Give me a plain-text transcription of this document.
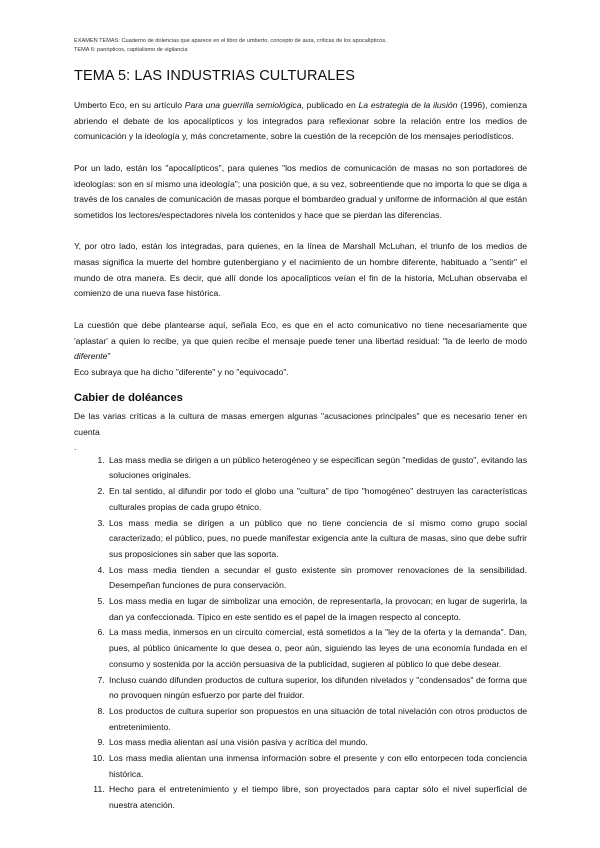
EXAMEN TEMAS: Cuaderno de dolencias que aparece en el libro de umberto, concepto de aura, críticas de los apocalípticos.
TEMA 6: panópticos, capitalismo de vigilancia
TEMA 5: LAS INDUSTRIAS CULTURALES

Umberto Eco, en su artículo Para una guerrilla semiológica, publicado en La estrategia de la ilusión (1996), comienza abriendo el debate de los apocalípticos y los integrados para reflexionar sobre la relación entre los medios de comunicación y la ideología y, más concretamente, sobre la cuestión de la recepción de los mensajes periodísticos.

Por un lado, están los "apocalípticos", para quienes "los medios de comunicación de masas no son portadores de ideologías: son en sí mismo una ideología"; una posición que, a su vez, sobreentiende que no importa lo que se diga a través de los canales de comunicación de masas porque el bombardeo gradual y uniforme de información al que están sometidos los lectores/espectadores nivela los contenidos y hace que se pierdan las diferencias.

Y, por otro lado, están los integradas, para quienes, en la línea de Marshall McLuhan, el triunfo de los medios de masas significa la muerte del hombre gutenbergiano y el nacimiento de un hombre diferente, habituado a "sentir" el mundo de otra manera. Es decir, que allí donde los apocalípticos veían el fin de la historia, McLuhan observaba el comienzo de una nueva fase histórica.

La cuestión que debe plantearse aquí, señala Eco, es que en el acto comunicativo no tiene necesariamente que 'aplastar' a quien lo recibe, ya que quien recibe el mensaje puede tener una libertad residual: "la de leerlo de modo diferente"

Eco subraya que ha dicho "diferente" y no "equivocado".

Cabier de doléances

De las varias críticas a la cultura de masas emergen algunas "acusaciones principales" que es necesario tener en cuenta

.
1. Las mass media se dirigen a un público heterogéneo y se especifican según "medidas de gusto", evitando las soluciones originales.
2. En tal sentido, al difundir por todo el globo una "cultura" de tipo "homogéneo" destruyen las características culturales propias de cada grupo étnico.
3. Los mass media se dirigen a un público que no tiene conciencia de sí mismo como grupo social caracterizado; el público, pues, no puede manifestar exigencia ante la cultura de masas, sino que debe sufrir sus proposiciones sin saber que las soporta.
4. Los mass media tienden a secundar el gusto existente sin promover renovaciones de la sensibilidad. Desempeñan funciones de pura conservación.
5. Los mass media en lugar de simbolizar una emoción, de representarla, la provocan; en lugar de sugerirla, la dan ya confeccionada. Típico en este sentido es el papel de la imagen respecto al concepto.
6. La mass media, inmersos en un circuito comercial, está sometidos a la "ley de la oferta y la demanda". Dan, pues, al público únicamente lo que desea o, peor aún, siguiendo las leyes de una economía fundada en el consumo y sostenida por la acción persuasiva de la publicidad, sugieren al público lo que debe desear.
7. Incluso cuando difunden productos de cultura superior, los difunden nivelados y "condensados" de forma que no provoquen ningún esfuerzo por parte del fruidor.
8. Los productos de cultura superior son propuestos en una situación de total nivelación con otros productos de entretenimiento.
9. Los mass media alientan así una visión pasiva y acrítica del mundo.
10. Los mass media alientan una inmensa información sobre el presente y con ello entorpecen toda conciencia histórica.
11. Hecho para el entretenimiento y el tiempo libre, son proyectados para captar sólo el nivel superficial de nuestra atención.
